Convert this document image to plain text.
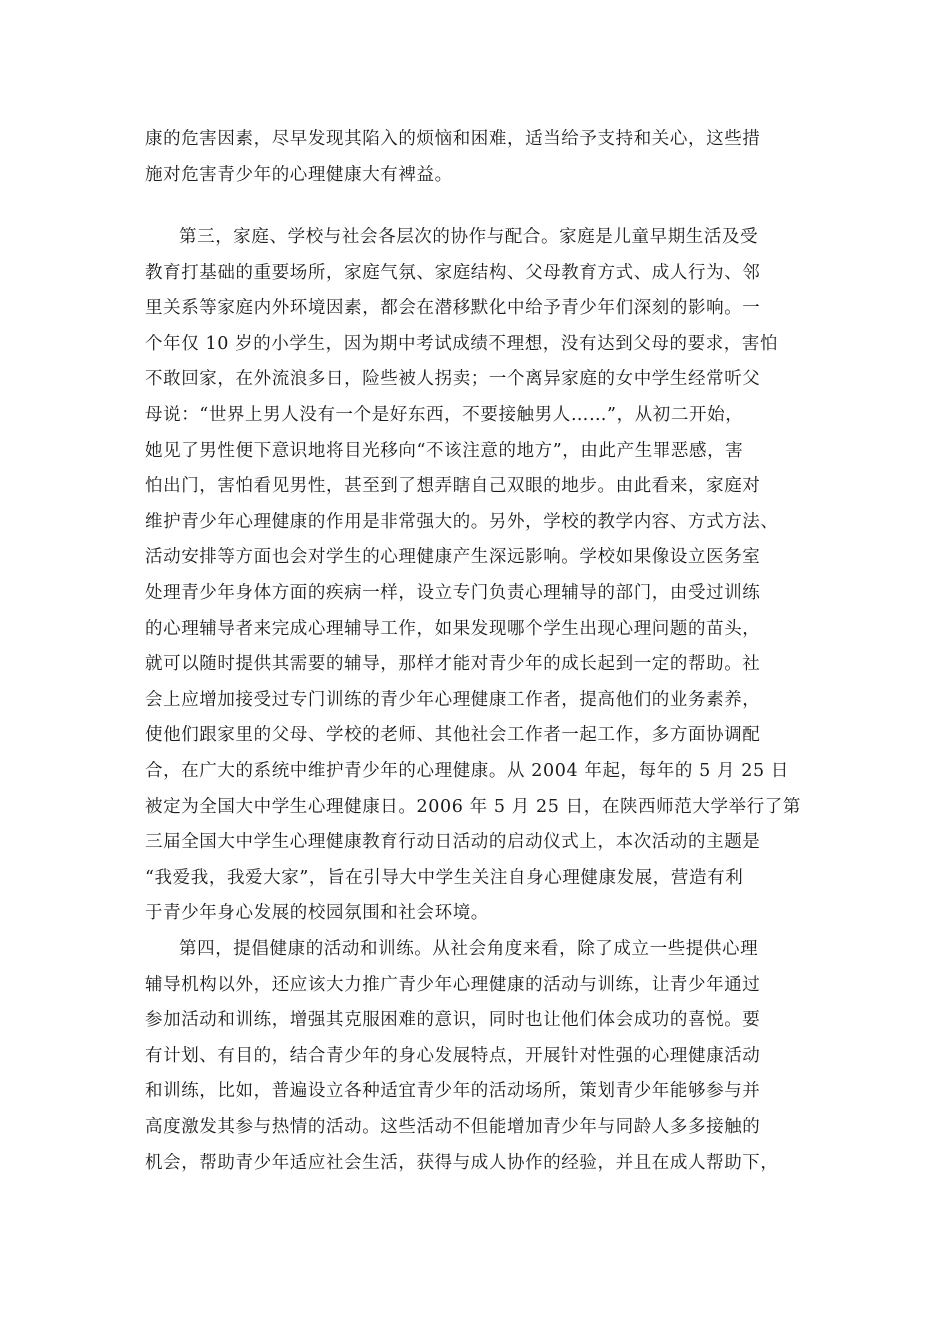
康的危害因素，尽早发现其陷入的烦恼和困难，适当给予支持和关心，这些措
施对危害青少年的心理健康大有裨益。
第三，家庭、学校与社会各层次的协作与配合。家庭是儿童早期生活及受
教育打基础的重要场所，家庭气氛、家庭结构、父母教育方式、成人行为、邻
里关系等家庭内外环境因素，都会在潜移默化中给予青少年们深刻的影响。一
个年仅 10 岁的小学生，因为期中考试成绩不理想，没有达到父母的要求，害怕
不敢回家，在外流浪多日，险些被人拐卖；一个离异家庭的女中学生经常听父
母说：“世界上男人没有一个是好东西，不要接触男人……”，从初二开始，
她见了男性便下意识地将目光移向“不该注意的地方”，由此产生罪恶感，害
怕出门，害怕看见男性，甚至到了想弄瞎自己双眼的地步。由此看来，家庭对
维护青少年心理健康的作用是非常强大的。另外，学校的教学内容、方式方法、
活动安排等方面也会对学生的心理健康产生深远影响。学校如果像设立医务室
处理青少年身体方面的疾病一样，设立专门负责心理辅导的部门，由受过训练
的心理辅导者来完成心理辅导工作，如果发现哪个学生出现心理问题的苗头，
就可以随时提供其需要的辅导，那样才能对青少年的成长起到一定的帮助。社
会上应增加接受过专门训练的青少年心理健康工作者，提高他们的业务素养，
使他们跟家里的父母、学校的老师、其他社会工作者一起工作，多方面协调配
合，在广大的系统中维护青少年的心理健康。从 2004 年起，每年的 5 月 25 日
被定为全国大中学生心理健康日。2006 年 5 月 25 日，在陕西师范大学举行了第
三届全国大中学生心理健康教育行动日活动的启动仪式上，本次活动的主题是
“我爱我，我爱大家”，旨在引导大中学生关注自身心理健康发展，营造有利
于青少年身心发展的校园氛围和社会环境。
第四，提倡健康的活动和训练。从社会角度来看，除了成立一些提供心理
辅导机构以外，还应该大力推广青少年心理健康的活动与训练，让青少年通过
参加活动和训练，增强其克服困难的意识，同时也让他们体会成功的喜悦。要
有计划、有目的，结合青少年的身心发展特点，开展针对性强的心理健康活动
和训练，比如，普遍设立各种适宜青少年的活动场所，策划青少年能够参与并
高度激发其参与热情的活动。这些活动不但能增加青少年与同龄人多多接触的
机会，帮助青少年适应社会生活，获得与成人协作的经验，并且在成人帮助下，
